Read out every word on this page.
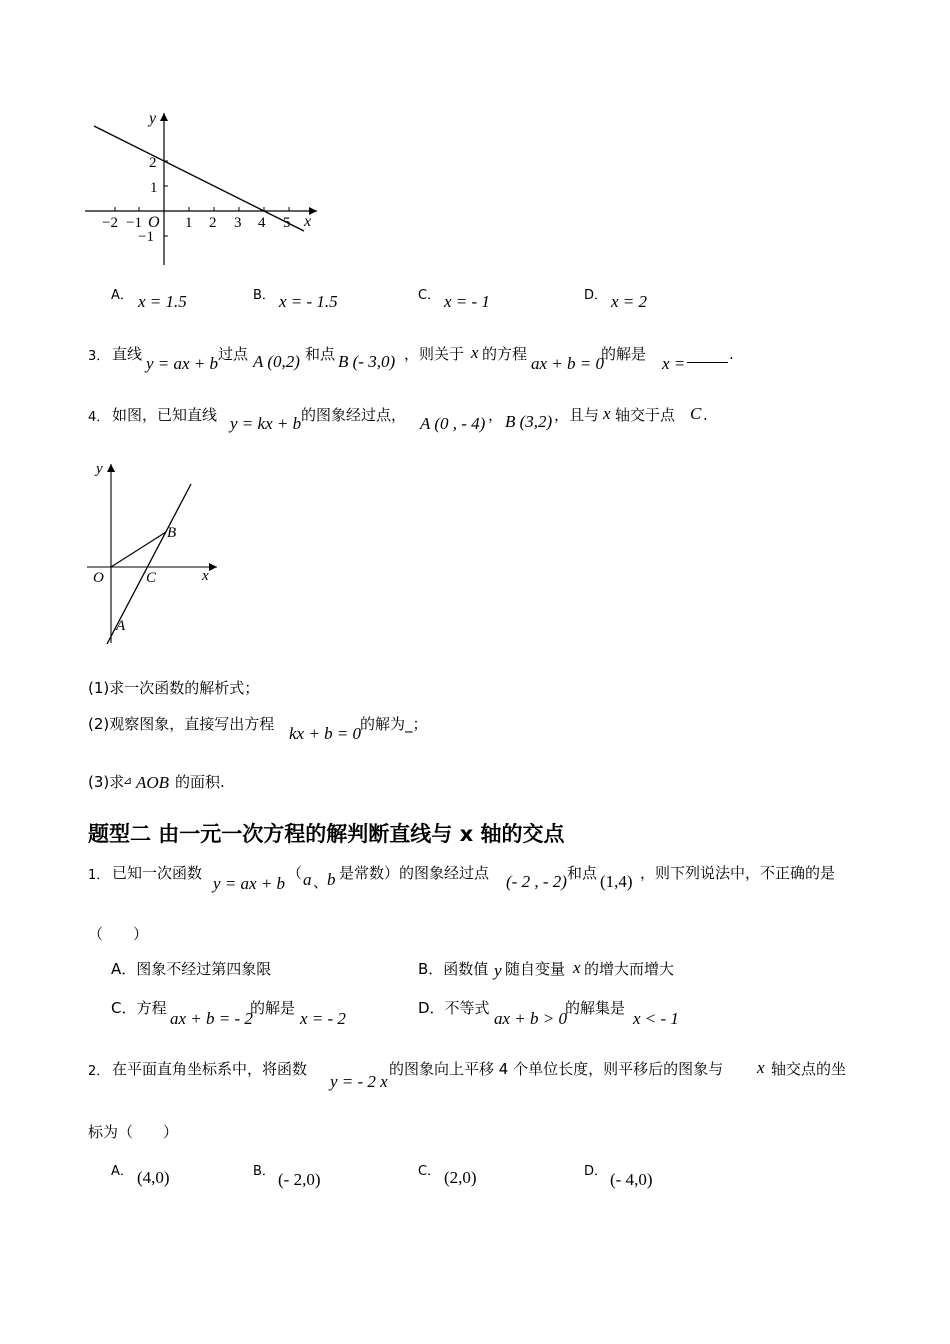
y
x
O
−2 −1	1 2 3 4 5
2
1
−1
A． x = 1.5	B． x = - 1.5	C． x = - 1	D． x = 2
3． 直线 y = ax + b 过点 A (0,2) 和点 B (- 3,0) ，则关于 x 的方程 ax + b = 0
的解是 x =	.
4． 如图，已知直线 y = kx + b 的图象经过点， A (0 , - 4) ， B (3,2) ，且与 x 轴交于点 C .
y
x
O	C
B
A
(1)求一次函数的解析式；
(2)观察图象，直接写出方程 kx + b = 0
的解为_；
(3)求
⊿ AOB 的面积.
题型二 由一元一次方程的解判断直线与 x 轴的交点
1． 已知一次函数
y = ax + b
（ a 、
b 是常数）的图象经过点 (- 2 , - 2) 和点 (1,4) ，则下列说法中，不正确的是
（　　）
A．图象不经过第四象限	B．函数值 y 随自变量 x 的增大而增大
C．方程
ax + b = - 2
的解是
x = - 2
D．不等式
ax + b > 0
的解集是
x < - 1
2． 在平面直角坐标系中，将函数
y = - 2 x
的图象向上平移 4 个单位长度，则平移后的图象与 x 轴交点的坐
标为（　　）
A． (4,0)	B． (- 2,0)	C． (2,0)	D． (- 4,0)
